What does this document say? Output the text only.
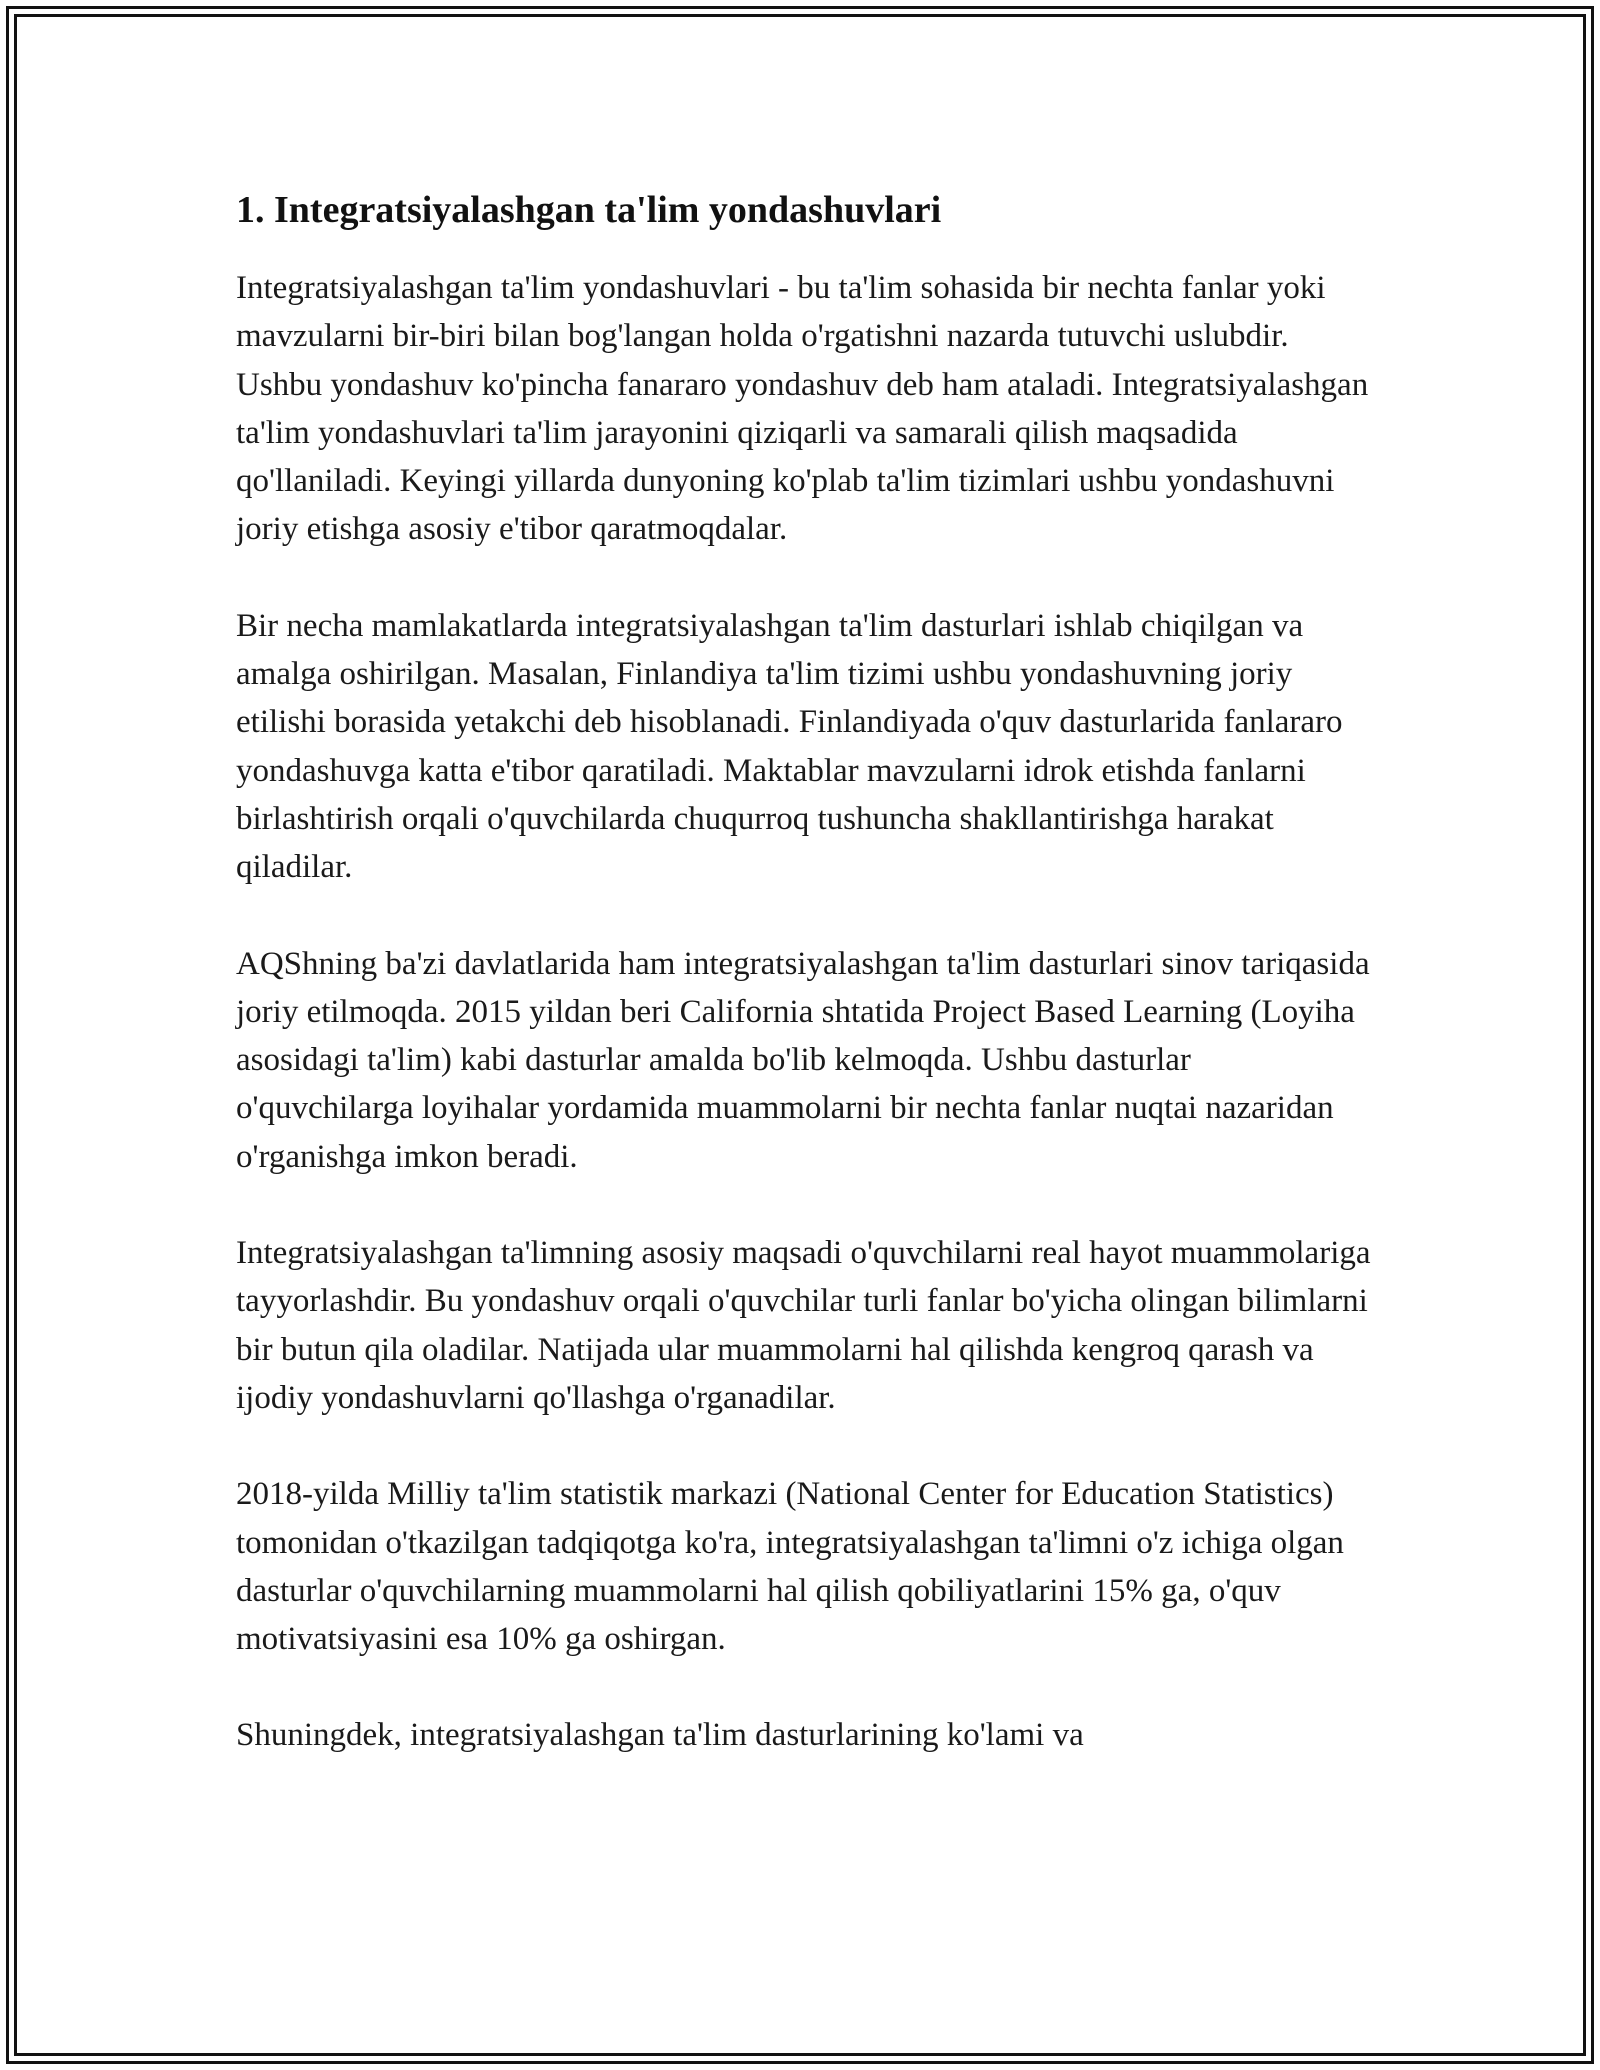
1. Integratsiyalashgan ta'lim yondashuvlari

Integratsiyalashgan ta'lim yondashuvlari - bu ta'lim sohasida bir nechta fanlar yoki mavzularni bir-biri bilan bog'langan holda o'rgatishni nazarda tutuvchi uslubdir. Ushbu yondashuv ko'pincha fanararo yondashuv deb ham ataladi. Integratsiyalashgan ta'lim yondashuvlari ta'lim jarayonini qiziqarli va samarali qilish maqsadida qo'llaniladi. Keyingi yillarda dunyoning ko'plab ta'lim tizimlari ushbu yondashuvni joriy etishga asosiy e'tibor qaratmoqdalar.

Bir necha mamlakatlarda integratsiyalashgan ta'lim dasturlari ishlab chiqilgan va amalga oshirilgan. Masalan, Finlandiya ta'lim tizimi ushbu yondashuvning joriy etilishi borasida yetakchi deb hisoblanadi. Finlandiyada o'quv dasturlarida fanlararo yondashuvga katta e'tibor qaratiladi. Maktablar mavzularni idrok etishda fanlarni birlashtirish orqali o'quvchilarda chuqurroq tushuncha shakllantirishga harakat qiladilar.

AQShning ba'zi davlatlarida ham integratsiyalashgan ta'lim dasturlari sinov tariqasida joriy etilmoqda. 2015 yildan beri California shtatida Project Based Learning (Loyiha asosidagi ta'lim) kabi dasturlar amalda bo'lib kelmoqda. Ushbu dasturlar o'quvchilarga loyihalar yordamida muammolarni bir nechta fanlar nuqtai nazaridan o'rganishga imkon beradi.

Integratsiyalashgan ta'limning asosiy maqsadi o'quvchilarni real hayot muammolariga tayyorlashdir. Bu yondashuv orqali o'quvchilar turli fanlar bo'yicha olingan bilimlarni bir butun qila oladilar. Natijada ular muammolarni hal qilishda kengroq qarash va ijodiy yondashuvlarni qo'llashga o'rganadilar.

2018-yilda Milliy ta'lim statistik markazi (National Center for Education Statistics) tomonidan o'tkazilgan tadqiqotga ko'ra, integratsiyalashgan ta'limni o'z ichiga olgan dasturlar o'quvchilarning muammolarni hal qilish qobiliyatlarini 15% ga, o'quv motivatsiyasini esa 10% ga oshirgan.

Shuningdek, integratsiyalashgan ta'lim dasturlarining ko'lami va
